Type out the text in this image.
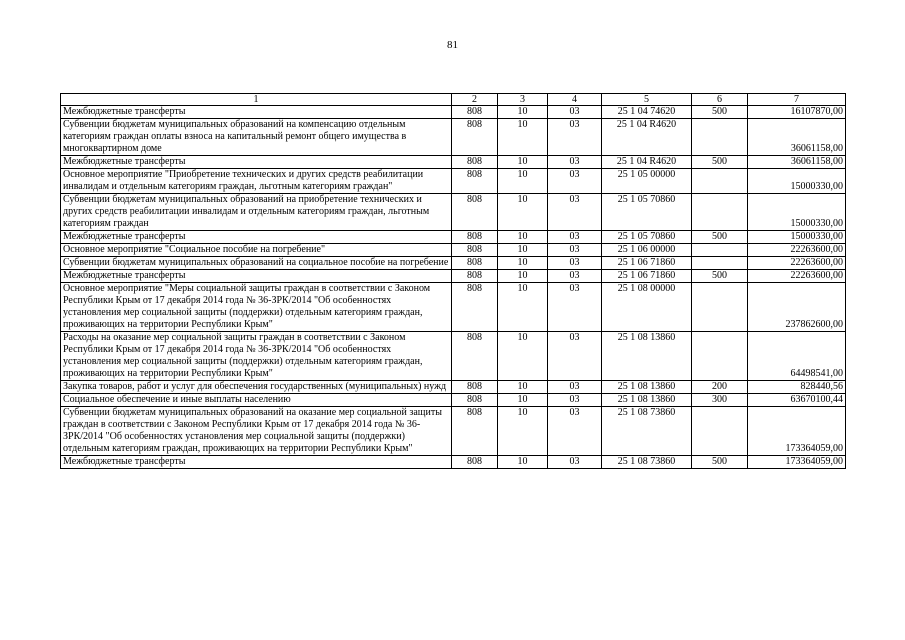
81
1	2	3	4	5	6	7
Межбюджетные трансферты	808	10	03	25 1 04 74620	500	16107870,00
Субвенции бюджетам муниципальных образований на компенсацию отдельным категориям граждан оплаты взноса на капитальный ремонт общего имущества в многоквартирном доме	808	10	03	25 1 04 R4620		36061158,00
Межбюджетные трансферты	808	10	03	25 1 04 R4620	500	36061158,00
Основное мероприятие "Приобретение технических и других средств реабилитации инвалидам и отдельным категориям граждан, льготным категориям граждан"	808	10	03	25 1 05 00000		15000330,00
Субвенции бюджетам муниципальных образований на приобретение технических и других средств реабилитации инвалидам и отдельным категориям граждан, льготным категориям граждан	808	10	03	25 1 05 70860		15000330,00
Межбюджетные трансферты	808	10	03	25 1 05 70860	500	15000330,00
Основное мероприятие "Социальное пособие на погребение"	808	10	03	25 1 06 00000		22263600,00
Субвенции бюджетам муниципальных образований на социальное пособие на погребение	808	10	03	25 1 06 71860		22263600,00
Межбюджетные трансферты	808	10	03	25 1 06 71860	500	22263600,00
Основное мероприятие "Меры социальной защиты граждан в соответствии с Законом Республики Крым от 17 декабря 2014 года № 36-ЗРК/2014 "Об особенностях установления мер социальной защиты (поддержки) отдельным категориям граждан, проживающих на территории Республики Крым"	808	10	03	25 1 08 00000		237862600,00
Расходы на оказание мер социальной защиты граждан в соответствии с Законом Республики Крым от 17 декабря 2014 года № 36-ЗРК/2014 "Об особенностях установления мер социальной защиты (поддержки) отдельным категориям граждан, проживающих на территории Республики Крым"	808	10	03	25 1 08 13860		64498541,00
Закупка товаров, работ и услуг для обеспечения государственных (муниципальных) нужд	808	10	03	25 1 08 13860	200	828440,56
Социальное обеспечение и иные выплаты населению	808	10	03	25 1 08 13860	300	63670100,44
Субвенции бюджетам муниципальных образований на оказание мер социальной защиты граждан в соответствии с Законом Республики Крым от 17 декабря 2014 года № 36-ЗРК/2014 "Об особенностях установления мер социальной защиты (поддержки) отдельным категориям граждан, проживающих на территории Республики Крым"	808	10	03	25 1 08 73860		173364059,00
Межбюджетные трансферты	808	10	03	25 1 08 73860	500	173364059,00
